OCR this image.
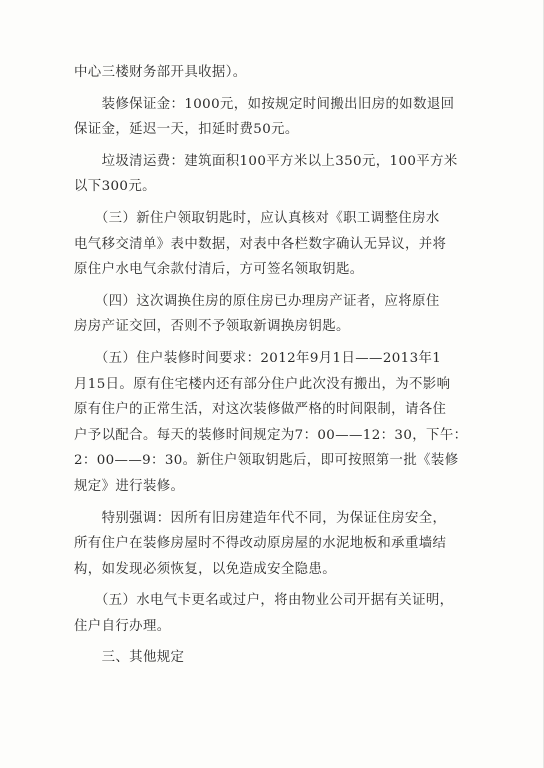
中心三楼财务部开具收据）。
　　装修保证金：1000元，如按规定时间搬出旧房的如数退回
保证金，延迟一天，扣延时费50元。
　　垃圾清运费：建筑面积100平方米以上350元，100平方米
以下300元。
　　（三）新住户领取钥匙时，应认真核对《职工调整住房水
电气移交清单》表中数据，对表中各栏数字确认无异议，并将
原住户水电气余款付清后，方可签名领取钥匙。
　　（四）这次调换住房的原住房已办理房产证者，应将原住
房房产证交回，否则不予领取新调换房钥匙。
　　（五）住户装修时间要求：2012年9月1日——2013年1
月15日。原有住宅楼内还有部分住户此次没有搬出，为不影响
原有住户的正常生活，对这次装修做严格的时间限制，请各住
户予以配合。每天的装修时间规定为7：00——12：30，下午：
2：00——9：30。新住户领取钥匙后，即可按照第一批《装修
规定》进行装修。
　　特别强调：因所有旧房建造年代不同，为保证住房安全，
所有住户在装修房屋时不得改动原房屋的水泥地板和承重墙结
构，如发现必须恢复，以免造成安全隐患。
　　（五）水电气卡更名或过户，将由物业公司开据有关证明，
住户自行办理。
　　三、其他规定
